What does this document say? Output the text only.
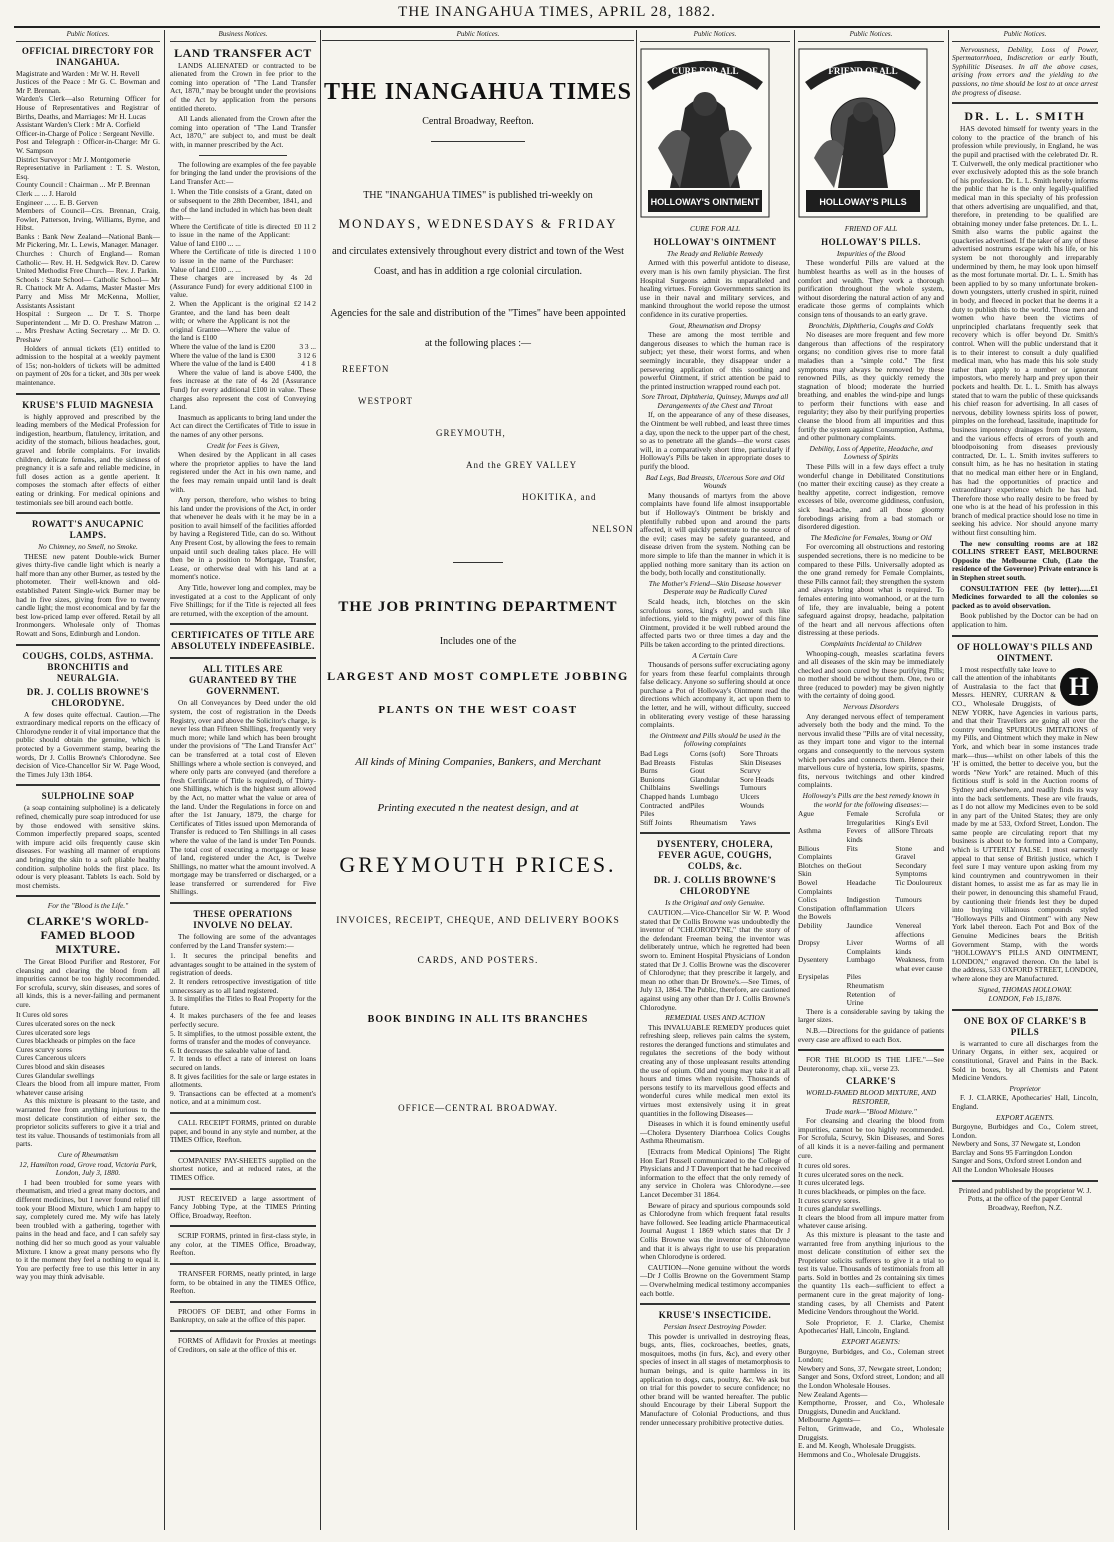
THE INANGAHUA TIMES, APRIL 28, 1882.
Public Notices.
OFFICIAL DIRECTORY FOR INANGAHUA.

Magistrate and Warden : Mr W. H. Revell

Justices of the Peace : Mr G. C. Bowman and Mr P. Brennan.

Warden's Clerk—also Returning Officer for House of Representatives and Registrar of Births, Deaths, and Marriages: Mr H. Lucas

Assistant Warden's Clerk : Mr A. Corfield

Officer-in-Charge of Police : Sergeant Neville.

Post and Telegraph : Officer-in-Charge: Mr G. W. Sampson

District Surveyor : Mr J. Montgomerie

Representative in Parliament : T. S. Weston, Esq.

County Council : Chairman ... Mr P. Brennan

Clerk ... ... J. Harold

Engineer ... ... E. B. Gerven

Members of Council—Crs. Brennan, Craig, Fowler, Patterson, Irving, Williams, Byrne, and Hibst.

Banks : Bank New Zealand—National Bank— Mr Pickering, Mr. L. Lewis, Manager. Manager.

Churches : Church of England— Roman Catholic— Rev. H. H. Sedgwick Rev. D. Carew United Methodist Free Church— Rev. J. Parkin.

Schools : State School— Catholic School— Mr R. Chattock Mr A. Adams, Master Master Mrs Parry and Miss Mr McKenna, Mollier, Assistants Assistant

Hospital : Surgeon ... Dr T. S. Thorpe Superintendent ... Mr D. O. Preshaw Matron ... ... Mrs Preshaw Acting Secretary ... Mr D. O. Preshaw

Holders of annual tickets (£1) entitled to admission to the hospital at a weekly payment of 15s; non-holders of tickets will be admitted on payment of 20s for a ticket, and 30s per week maintenance.

KRUSE'S FLUID MAGNESIA

is highly approved and prescribed by the leading members of the Medical Profession for indigestion, heartburn, flatulency, irritation, and acidity of the stomach, bilious headaches, gout, gravel and febrile complaints. For invalids children, delicate females, and the sickness of pregnancy it is a safe and reliable medicine, in full doses action as a gentle aperient. It composes the stomach after effects of either eating or drinking. For medical opinions and testimonials see bill around each bottle.

ROWATT'S ANUCAPNIC LAMPS.
No Chimney, no Smell, no Smoke.

THESE new patent Double-wick Burner gives thirty-five candle light which is nearly a half more than any other Burner, as tested by the photometer. Their well-known and old-established Patent Single-wick Burner may be had in five sizes, giving from five to twenty candle light; the most economical and by far the best low-priced lamp ever offered. Retail by all Ironmongers. Wholesale only of Thomas Rowatt and Sons, Edinburgh and London.

COUGHS, COLDS, ASTHMA. BRONCHITIS and NEURALGIA.
DR. J. COLLIS BROWNE'S CHLORODYNE.

A few doses quite effectual. Caution.—The extraordinary medical reports on the efficacy of Chlorodyne render it of vital importance that the public should obtain the genuine, which is protected by a Government stamp, bearing the words, Dr J. Collis Browne's Chlorodyne. See decision of Vice-Chancellor Sir W. Page Wood, the Times July 13th 1864.

SULPHOLINE SOAP

(a soap containing sulpholine) is a delicately refined, chemically pure soap introduced for use by those endowed with sensitive skins. Common imperfectly prepared soaps, scented with impure acid oils frequently cause skin diseases. For washing all manner of eruptions and bringing the skin to a soft pliable healthy condition. sulpholine holds the first place. Its odour is very pleasant. Tablets 1s each. Sold by most chemists.

For the "Blood is the Life."
CLARKE'S WORLD-FAMED BLOOD MIXTURE.

The Great Blood Purifier and Restorer, For cleansing and clearing the blood from all impurities cannot be too highly recommended. For scrofula, scurvy, skin diseases, and sores of all kinds, this is a never-failing and permanent cure.

It Cures old sores

Cures ulcerated sores on the neck

Cures ulcerated sore legs

Cures blackheads or pimples on the face

Cures scurvy sores

Cures Cancerous ulcers

Cures blood and skin diseases

Cures Glandular swellings

Clears the blood from all impure matter, From whatever cause arising

As this mixture is pleasant to the taste, and warranted free from anything injurious to the most delicate constitution of either sex, the proprietor solicits sufferers to give it a trial and test its value. Thousands of testimonials from all parts.

Cure of Rheumatism
12, Hamilton road, Grove road, Victoria Park, London, July 3, 1880.

I had been troubled for some years with rheumatism, and tried a great many doctors, and different medicines, but I never found relief till took your Blood Mixture, which I am happy to say, completely cured me. My wife has lately been troubled with a gathering, together with pains in the head and face, and I can safely say nothing did her so much good as your valuable Mixture. I know a great many persons who fly to it the moment they feel a nothing to equal it. You are perfectly free to use this letter in any way you may think advisable.

Business Notices.
LAND TRANSFER ACT

LANDS ALIENATED or contracted to be alienated from the Crown in fee prior to the coming into operation of "The Land Transfer Act, 1870," may be brought under the provisions of the Act by application from the persons entitled thereto.

All Lands alienated from the Crown after the coming into operation of "The Land Transfer Act, 1870," are subject to, and must be dealt with, in manner prescribed by the Act.

The following are examples of the fee payable for bringing the land under the provisions of the Land Transfer Act:—

1. When the Title consists of a Grant, dated on or subsequent to the 28th December, 1841, and the of the land included in which has been dealt with—
Where the Certificate of title is directed to issue in the name of the Applicant: Value of land £100 ... ...
£0 11 2
Where the Certificate of title is directed to issue in the name of the Purchaser: Value of land £100 ... ...
1 10 0
These charges are increased by 4s 2d (Assurance Fund) for every additional £100 in value.
2. When the Applicant is the original Grantee, and the land has been dealt with; or where the Applicant is not the original Grantee—Where the value of the land is £100
£2 14 2
Where the value of the land is £200	3 3 ...
Where the value of the land is £300	3 12 6
Where the value of the land is £400	4 1 8

Where the value of land is above £400, the fees increase at the rate of 4s 2d (Assurance Fund) for every additional £100 in value. These charges also represent the cost of Conveying Land.

Inasmuch as applicants to bring land under the Act can direct the Certificates of Title to issue in the names of any other persons.

Credit for Fees is Given,

When desired by the Applicant in all cases where the proprietor applies to have the land registered under the Act in his own name, and the fees may remain unpaid until land is dealt with.

Any person, therefore, who wishes to bring his land under the provisions of the Act, in order that whenever he deals with it he may be in a position to avail himself of the facilities afforded by having a Registered Title, can do so. Without Any Present Cost, by allowing the fees to remain unpaid until such dealing takes place. He will then be in a position to Mortgage, Transfer, Lease, or otherwise deal with his land at a moment's notice.

Any Title, however long and complex, may be investigated at a cost to the Applicant of only Five Shillings; for if the Title is rejected all fees are returned, with the exception of the amount.

CERTIFICATES OF TITLE ARE ABSOLUTELY INDEFEASIBLE.
ALL TITLES ARE GUARANTEED BY THE GOVERNMENT.

On all Conveyances by Deed under the old system, the cost of registration in the Deeds Registry, over and above the Solicitor's charge, is never less than Fifteen Shillings, frequently very much more; while land which has been brought under the provisions of "The Land Transfer Act" can be transferred at a total cost of Eleven Shillings where a whole section is conveyed, and where only parts are conveyed (and therefore a fresh Certificate of Title is required), of Thirty-one Shillings, which is the highest sum allowed by the Act, no matter what the value or area of the land. Under the Regulations in force on and after the 1st January, 1879, the charge for Certificates of Titles issued upon Memoranda of Transfer is reduced to Ten Shillings in all cases where the value of the land is under Ten Pounds. The total cost of executing a mortgage or lease of land, registered under the Act, is Twelve Shillings, no matter what the amount involved. A mortgage may be transferred or discharged, or a lease transferred or surrendered for Five Shillings.

THESE OPERATIONS INVOLVE NO DELAY.

The following are some of the advantages conferred by the Land Transfer system:—

1. It secures the principal benefits and advantages sought to be attained in the system of registration of deeds.

2. It renders retrospective investigation of title unnecessary as to all land registered.

3. It simplifies the Titles to Real Property for the future.

4. It makes purchasers of the fee and leases perfectly secure.

5. It simplifies, to the utmost possible extent, the forms of transfer and the modes of conveyance.

6. It decreases the saleable value of land.

7. It tends to effect a rate of interest on loans secured on lands.

8. It gives facilities for the sale or large estates in allotments.

9. Transactions can be effected at a moment's notice, and at a minimum cost.

CALL RECEIPT FORMS, printed on durable paper, and bound in any style and number, at the TIMES Office, Reefton.

COMPANIES' PAY-SHEETS supplied on the shortest notice, and at reduced rates, at the TIMES Office.

JUST RECEIVED a large assortment of Fancy Jobbing Type, at the TIMES Printing Office, Broadway, Reefton.

SCRIP FORMS, printed in first-class style, in any color, at the TIMES Office, Broadway, Reefton.

TRANSFER FORMS, neatly printed, in large form, to be obtained in any the TIMES Office, Reefton.

PROOFS OF DEBT, and other Forms in Bankruptcy, on sale at the office of this paper.

FORMS of Affidavit for Proxies at meetings of Creditors, on sale at the office of this er.

Public Notices.
THE INANGAHUA TIMES
Central Broadway, Reefton.
THE "INANGAHUA TIMES" is published tri-weekly on
MONDAYS, WEDNESDAYS & FRIDAY
and circulates extensively throughout every district and town of the West
Coast, and has in addition a rge colonial circulation.
Agencies for the sale and distribution of the "Times" have been appointed
at the following places :—
REEFTON
WESTPORT
GREYMOUTH,
And the GREY VALLEY
HOKITIKA, and
NELSON
THE JOB PRINTING DEPARTMENT
Includes one of the
LARGEST AND MOST COMPLETE JOBBING
PLANTS ON THE WEST COAST
All kinds of Mining Companies, Bankers, and Merchant
Printing executed n the neatest design, and at
GREYMOUTH PRICES.
INVOICES, RECEIPT, CHEQUE, AND DELIVERY BOOKS
CARDS, AND POSTERS.
BOOK BINDING IN ALL ITS BRANCHES
OFFICE—CENTRAL BROADWAY.
Public Notices.
CURE FOR ALL
HOLLOWAY'S OINTMENT
CURE FOR ALL
HOLLOWAY'S OINTMENT
The Ready and Reliable Remedy

Armed with this powerful antidote to disease, every man is his own family physician. The first Hospital Surgeons admit its unparalleled and healing virtues. Foreign Governments sanction its use in their naval and military services, and mankind throughout the world repose the utmost confidence in its curative properties.

Gout, Rheumatism and Dropsy

These are among the most terrible and dangerous diseases to which the human race is subject; yet these, their worst forms, and when seemingly incurable, they disappear under a persevering application of this soothing and powerful Ointment, if strict attention be paid to the printed instruction wrapped round each pot.

Sore Throat, Diphtheria, Quinsey, Mumps and all Derangements of the Chest and Throat

If, on the appearance of any of these diseases, the Ointment be well rubbed, and least three times a day, upon the neck to the upper part of the chest, so as to penetrate all the glands—the worst cases will, in a comparatively short time, particularly if Holloway's Pills be taken in appropriate doses to purify the blood.

Bad Legs, Bad Breasts, Ulcerous Sore and Old Wounds

Many thousands of martyrs from the above complaints have found life almost insupportable but if Holloway's Ointment be briskly and plentifully rubbed upon and around the parts affected, it will quickly penetrate to the source of the evil; cases may be safely guaranteed, and disease driven from the system. Nothing can be more simple to life than the manner in which it is applied nothing more sanitary than its action on the body, both locally and constitutionally.

The Mother's Friend—Skin Disease however Desperate may be Radically Cured

Scald heads, itch, blotches on the skin scrofulous sores, king's evil, and such like infections, yield to the mighty power of this fine Ointment, provided it be well rubbed around the affected parts two or three times a day and the Pills be taken according to the printed directions.

A Certain Cure

Thousands of persons suffer excruciating agony for years from these fearful complaints through false delicacy. Anyone so suffering should at once purchase a Pot of Holloway's Ointment read the directions which accompany it, act upon them to the letter, and he will, without difficulty, succeed in obliterating every vestige of these harassing complaints.

the Ointment and Pills should be used in the following complaints
Bad Legs	Corns (soft)	Sore Throats
Bad Breasts	Fistulas	Skin Diseases
Burns	Gout	Scurvy
Bunions	Glandular	Sore Heads
Chilblains	Swellings	Tumours
Chapped hands Lumbago	Ulcers
Contracted and Piles
Piles	Wounds
Stiff Joints	Rheumatism	Yaws
DYSENTERY, CHOLERA, FEVER AGUE, COUGHS, COLDS, &c.
DR. J. COLLIS BROWNE'S CHLORODYNE
Is the Original and only Genuine.

CAUTION.—Vice-Chancellor Sir W. P. Wood stated that Dr Collis Browne was undoubtedly the inventor of "CHLORODYNE," that the story of the defendant Freeman being the inventor was deliberately untrue, which he regretted had been sworn to. Eminent Hospital Physicians of London stated that Dr J. Collis Browne was the discoverer of Chlorodyne; that they prescribe it largely, and mean no other than Dr Browne's.—See Times, of July 13, 1864. The Public, therefore, are cautioned against using any other than Dr J. Collis Browne's Chlorodyne.

REMEDIAL USES AND ACTION

This INVALUABLE REMEDY produces quiet refreshing sleep, relieves pain calms the system, restores the deranged functions and stimulates and regulates the secretions of the body without creating any of those unpleasant results attending the use of opium. Old and young may take it at all hours and times when requisite. Thousands of persons testify to its marvellous good effects and wonderful cures while medical men extol its virtues most extensively using it in great quantities in the following Diseases—

Diseases in which it is found eminently useful—Cholera Dysentery Diarrhoea Colics Coughs Asthma Rheumatism.

[Extracts from Medical Opinions] The Right Hon Earl Russell communicated to the College of Physicians and J T Davenport that he had received information to the effect that the only remedy of any service in Cholera was Chlorodyne.—see Lancet December 31 1864.

Beware of piracy and spurious compounds sold as Chlorodyne from which frequent fatal results have followed. See leading article Pharmaceutical Journal August 1 1869 which states that Dr J Collis Browne was the inventor of Chlorodyne and that it is always right to use his preparation when Chlorodyne is ordered.

CAUTION—None genuine without the words—Dr J Collis Browne on the Government Stamp — Overwhelming medical testimony accompanies each bottle.

KRUSE'S INSECTICIDE.
Persian Insect Destroying Powder.

This powder is unrivalled in destroying fleas, bugs, ants, flies, cockroaches, beetles, gnats, mosquitoes, moths (in furs, &c), and every other species of insect in all stages of metamorphosis to human beings, and is quite harmless in its application to dogs, cats, poultry, &c. We ask but on trial for this powder to secure confidence; no other brand will be wanted hereafter. The public should Encourage by their Liberal Support the Manufacture of Colonial Productions, and thus render unnecessary prohibitive protective duties.

Public Notices.
FRIEND OF ALL
HOLLOWAY'S PILLS
FRIEND OF ALL
HOLLOWAY'S PILLS.
Impurities of the Blood

These wonderful Pills are valued at the humblest hearths as well as in the houses of comfort and wealth. They work a thorough purification throughout the whole system, without disordering the natural action of any and eradicate those germs of complaints which consign tens of thousands to an early grave.

Bronchitis, Diphtheria, Coughs and Colds

No diseases are more frequent and few more dangerous than affections of the respiratory organs; no condition gives rise to more fatal maladies than a "simple cold." The first symptoms may always be removed by these renowned Pills, as they quickly remedy the stagnation of blood; moderate the hurried breathing, and enables the wind-pipe and lungs to perform their functions with ease and regularity; they also by their purifying properties cleanse the blood from all impurities and thus fortify the system against Consumption, Asthma, and other pulmonary complaints.

Debility, Loss of Appetite, Headache, and Lowness of Spirits

These Pills will in a few days effect a truly wonderful change in Debilitated Constitutions (no matter their exciting cause) as they create a healthy appetite, correct indigestion, remove excesses of bile, overcome giddiness, confusion, sick head-ache, and all those gloomy forebodings arising from a bad stomach or disordered digestion.

The Medicine for Females, Young or Old

For overcoming all obstructions and restoring suspended secretions, there is no medicine to be compared to these Pills. Universally adopted as the one grand remedy for Female Complaints, these Pills cannot fail; they strengthen the system and always bring about what is required. To females entering into womanhood, or at the turn of life, they are invaluable, being a potent safeguard against dropsy, headache, palpitation of the heart and all nervous affections often distressing at these periods.

Complaints Incidental to Children

Whooping-cough, measles scarlatina fevers and all diseases of the skin may be immediately checked and soon cured by these purifying Pills; no mother should be without them. One, two or three (reduced to powder) may be given nightly with the certainty of doing good.

Nervous Disorders

Any deranged nervous effect of temperament adversely both the body and the mind. To the nervous invalid these "Pills are of vital necessity, as they impart tone and vigor to the internal organs and consequently to the nervous system which pervades and connects them. Hence their marvellous cure of hysteria, low spirits, spasms, fits, nervous twitchings and other kindred complaints.

Holloway's Pills are the best remedy known in the world for the following diseases:—
Ague	Female Irregularities
Scrofula or King's Evil
Asthma	Fevers of all kinds
Sore Throats
Bilious Complaints
Fits	Stone and Gravel
Blotches on the Skin
Gout	Secondary Symptoms
Bowel Complaints
Headache	Tic Douloureux
Colics	Indigestion	Tumours
Constipation of the Bowels
Inflammation	Ulcers
Debility	Jaundice	Venereal affections
Dropsy	Liver Complaints
Worms of all kinds
Dysentery	Lumbago	Weakness, from what ever cause
Erysipelas	Piles
Rheumatism
Retention of Urine

There is a considerable saving by taking the larger sizes.

N.B.—Directions for the guidance of patients every case are affixed to each Box.

FOR THE BLOOD IS THE LIFE."—See Deuteronomy, chap. xii., verse 23.

CLARKE'S
WORLD-FAMED BLOOD MIXTURE, AND RESTORER,
Trade mark—"Blood Mixture."

For cleansing and clearing the blood from impurities, cannot be too highly recommended. For Scrofula, Scurvy, Skin Diseases, and Sores of all kinds it is a never-failing and permanent cure.

It cures old sores.

It cures ulcerated sores on the neck.

It cures ulcerated legs.

It cures blackheads, or pimples on the face.

It cures scurvy sores.

It cures glandular swellings.

It clears the blood from all impure matter from whatever cause arising.

As this mixture is pleasant to the taste and warranted free from anything injurious to the most delicate constitution of either sex the Proprietor solicits sufferers to give it a trial to test its value. Thousands of testimonials from all parts. Sold in bottles and 2s containing six times the quantity 11s each—sufficient to effect a permanent cure in the great majority of long-standing cases, by all Chemists and Patent Medicine Vendors throughout the World.

Sole Proprietor, F. J. Clarke, Chemist Apothecaries' Hall, Lincoln, England.

EXPORT AGENTS:

Burgoyne, Burbidges, and Co., Coleman street London;

Newbery and Sons, 37, Newgate street, London;

Sanger and Sons, Oxford street, London; and all the London Wholesale Houses.

New Zealand Agents—

Kempthorne, Prosser, and Co., Wholesale Druggists, Dunedin and Auckland.

Melbourne Agents—

Felton, Grimwade, and Co., Wholesale Druggists.

E. and M. Keogh, Wholesale Druggists.

Hemmons and Co., Wholesale Druggists.

Public Notices.

Nervousness, Debility, Loss of Power, Spermatorrhoea, Indiscretion or early Youth, Syphilitic Diseases. In all the above cases, arising from errors and the yielding to the passions, no time should be lost to at once arrest the progress of disease.

DR. L. L. SMITH

HAS devoted himself for twenty years in the colony to the practice of the branch of his profession while previously, in England, he was the pupil and practised with the celebrated Dr. R. T. Culverwell, the only medical practitioner who ever exclusively adopted this as the sole branch of his profession. Dr. L. L. Smith hereby informs the public that he is the only legally-qualified medical man in this specialty of his profession that others advertising are unqualified, and that, therefore, in pretending to be qualified are obtaining money under false pretences. Dr. L. L. Smith also warns the public against the quackeries advertised. If the taker of any of these advertised nostrums escape with his life, or his system be not thoroughly and irreparably undermined by them, he may look upon himself as the most fortunate mortal. Dr. L. L. Smith has been applied to by so many unfortunate broken-down youngsters, utterly crushed in spirit, ruined in body, and fleeced in pocket that he deems it a duty to publish this to the world. Those men and women who have been the victims of unprincipled charlatans frequently seek that recovery which is offer beyond Dr. Smith's control. When will the public understand that it is to their interest to consult a duly qualified medical man, who has made this his sole study rather than apply to a number or ignorant impostors, who merely harp and prey upon their pockets and health. Dr. L. L. Smith has always stated that to warn the public of these quicksands his chief reason for advertising. In all cases of nervous, debility lowness spirits loss of power, pimples on the forehead, lassitude, inaptitude for business impotency drainages from the system, and the various effects of errors of youth and bloodpoisoning from diseases previously contracted, Dr. L. L. Smith invites sufferers to consult him, as he has no hesitation in stating that no medical man either here or in England, has had the opportunities of practice and extraordinary experience which he has had. Therefore those who really desire to be freed by one who is at the head of his profession in this branch of medical practice should lose no time in seeking his advice. Nor should anyone marry without first consulting him.

The new consulting rooms are at 182 COLLINS STREET EAST, MELBOURNE Opposite the Melbourne Club, (Late the residence of the Governor) Private entrance is in Stephen street south.

CONSULTATION FEE (by letter)......£1 Medicines forwarded to all the colonies so packed as to avoid observation.

Book published by the Doctor can be had on application to him.

OF HOLLOWAY'S PILLS AND OINTMENT.
H

I most respectfully take leave to call the attention of the inhabitants of Australasia to the fact that Messrs. HENRY, CURRAN & CO., Wholesale Druggists, of NEW YORK, have Agencies in various parts, and that their Travellers are going all over the country vending SPURIOUS IMITATIONS of my Pills, and Ointment which they make in New York, and which bear in some instances trade mark—thus—whilst on other labels of this the 'H' is omitted, the better to deceive you, but the words "New York" are retained. Much of this fictitious stuff is sold in the Auction rooms of Sydney and elsewhere, and readily finds its way into the back settlements. These are vile frauds, as I do not allow my Medicines even to be sold in any part of the United States; they are only made by me at 533, Oxford Street, London. The same people are circulating report that my business is about to be formed into a Company, which is UTTERLY FALSE. I most earnestly appeal to that sense of British justice, which I feel sure I may venture upon asking from my kind countrymen and countrywomen in their distant homes, to assist me as far as may lie in their power, in denouncing this shameful Fraud, by cautioning their friends lest they be duped into buying villainous compounds styled "Holloways Pills and Ointment" with any New York label thereon. Each Pot and Box of the Genuine Medicines bears the British Government Stamp, with the words "HOLLOWAY'S PILLS AND OINTMENT, LONDON," engraved thereon. On the label is the address, 533 OXFORD STREET, LONDON, where alone they are Manufactured.

Signed, THOMAS HOLLOWAY.
LONDON, Feb 15,1876.
ONE BOX OF CLARKE'S B PILLS

is warranted to cure all discharges from the Urinary Organs, in either sex, acquired or constitutional, Gravel and Pains in the Back. Sold in boxes, by all Chemists and Patent Medicine Vendors.

Proprietor

F. J. CLARKE, Apothecaries' Hall, Lincoln, England.

EXPORT AGENTS.

Burgoyne, Burbidges and Co., Colem street, London.

Newbery and Sons, 37 Newgate st, London

Barclay and Sons 95 Farringdon London

Sanger and Sons, Oxford street London and

All the London Wholesale Houses

Printed and published by the proprietor W. J. Potts, at the office of the paper Central Broadway, Reefton, N.Z.
